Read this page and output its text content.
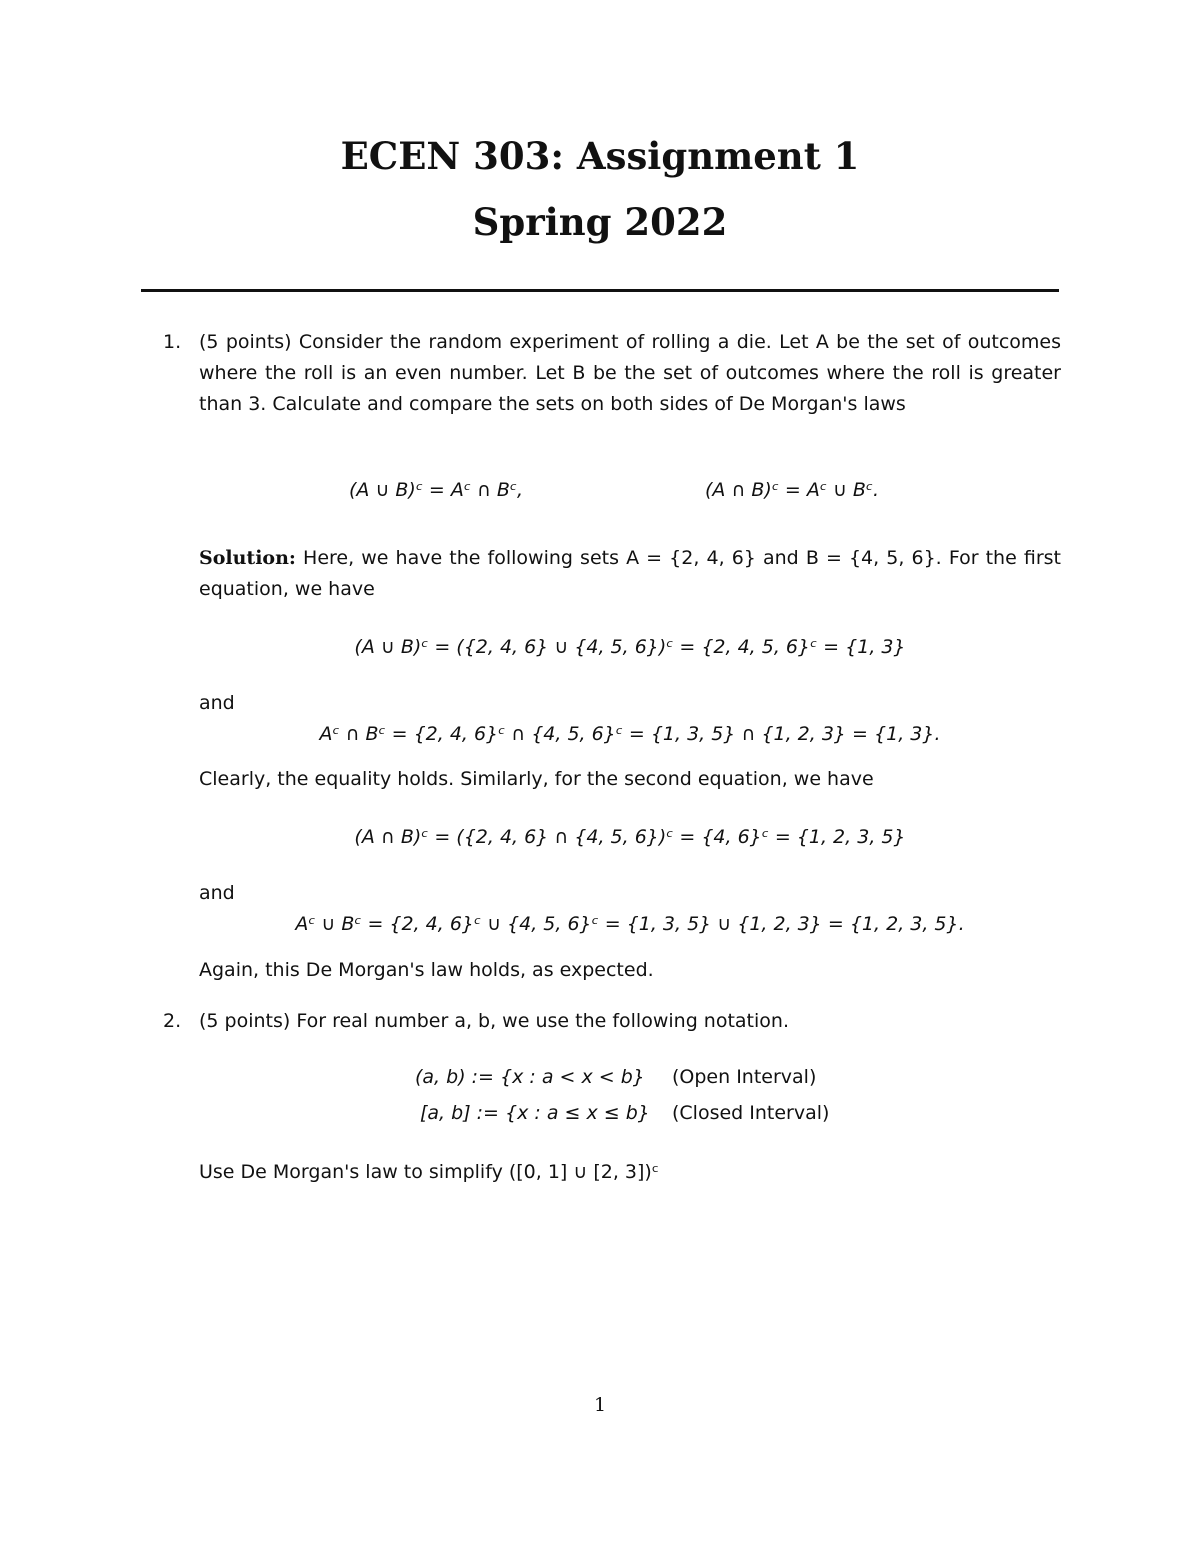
ECEN 303: Assignment 1
Spring 2022
1. (5 points) Consider the random experiment of rolling a die. Let A be the set of outcomes where the roll is an even number. Let B be the set of outcomes where the roll is greater than 3. Calculate and compare the sets on both sides of De Morgan's laws
(A ∪ B)ᶜ = Aᶜ ∩ Bᶜ,	(A ∩ B)ᶜ = Aᶜ ∪ Bᶜ.
Solution: Here, we have the following sets A = {2, 4, 6} and B = {4, 5, 6}. For the first equation, we have
(A ∪ B)ᶜ = ({2, 4, 6} ∪ {4, 5, 6})ᶜ = {2, 4, 5, 6}ᶜ = {1, 3}
and
Aᶜ ∩ Bᶜ = {2, 4, 6}ᶜ ∩ {4, 5, 6}ᶜ = {1, 3, 5} ∩ {1, 2, 3} = {1, 3}.
Clearly, the equality holds. Similarly, for the second equation, we have
(A ∩ B)ᶜ = ({2, 4, 6} ∩ {4, 5, 6})ᶜ = {4, 6}ᶜ = {1, 2, 3, 5}
and
Aᶜ ∪ Bᶜ = {2, 4, 6}ᶜ ∪ {4, 5, 6}ᶜ = {1, 3, 5} ∪ {1, 2, 3} = {1, 2, 3, 5}.
Again, this De Morgan's law holds, as expected.
2. (5 points) For real number a, b, we use the following notation.
(a, b) := {x : a < x < b} (Open Interval)
[a, b] := {x : a ≤ x ≤ b} (Closed Interval)
Use De Morgan's law to simplify ([0, 1] ∪ [2, 3])ᶜ
1
